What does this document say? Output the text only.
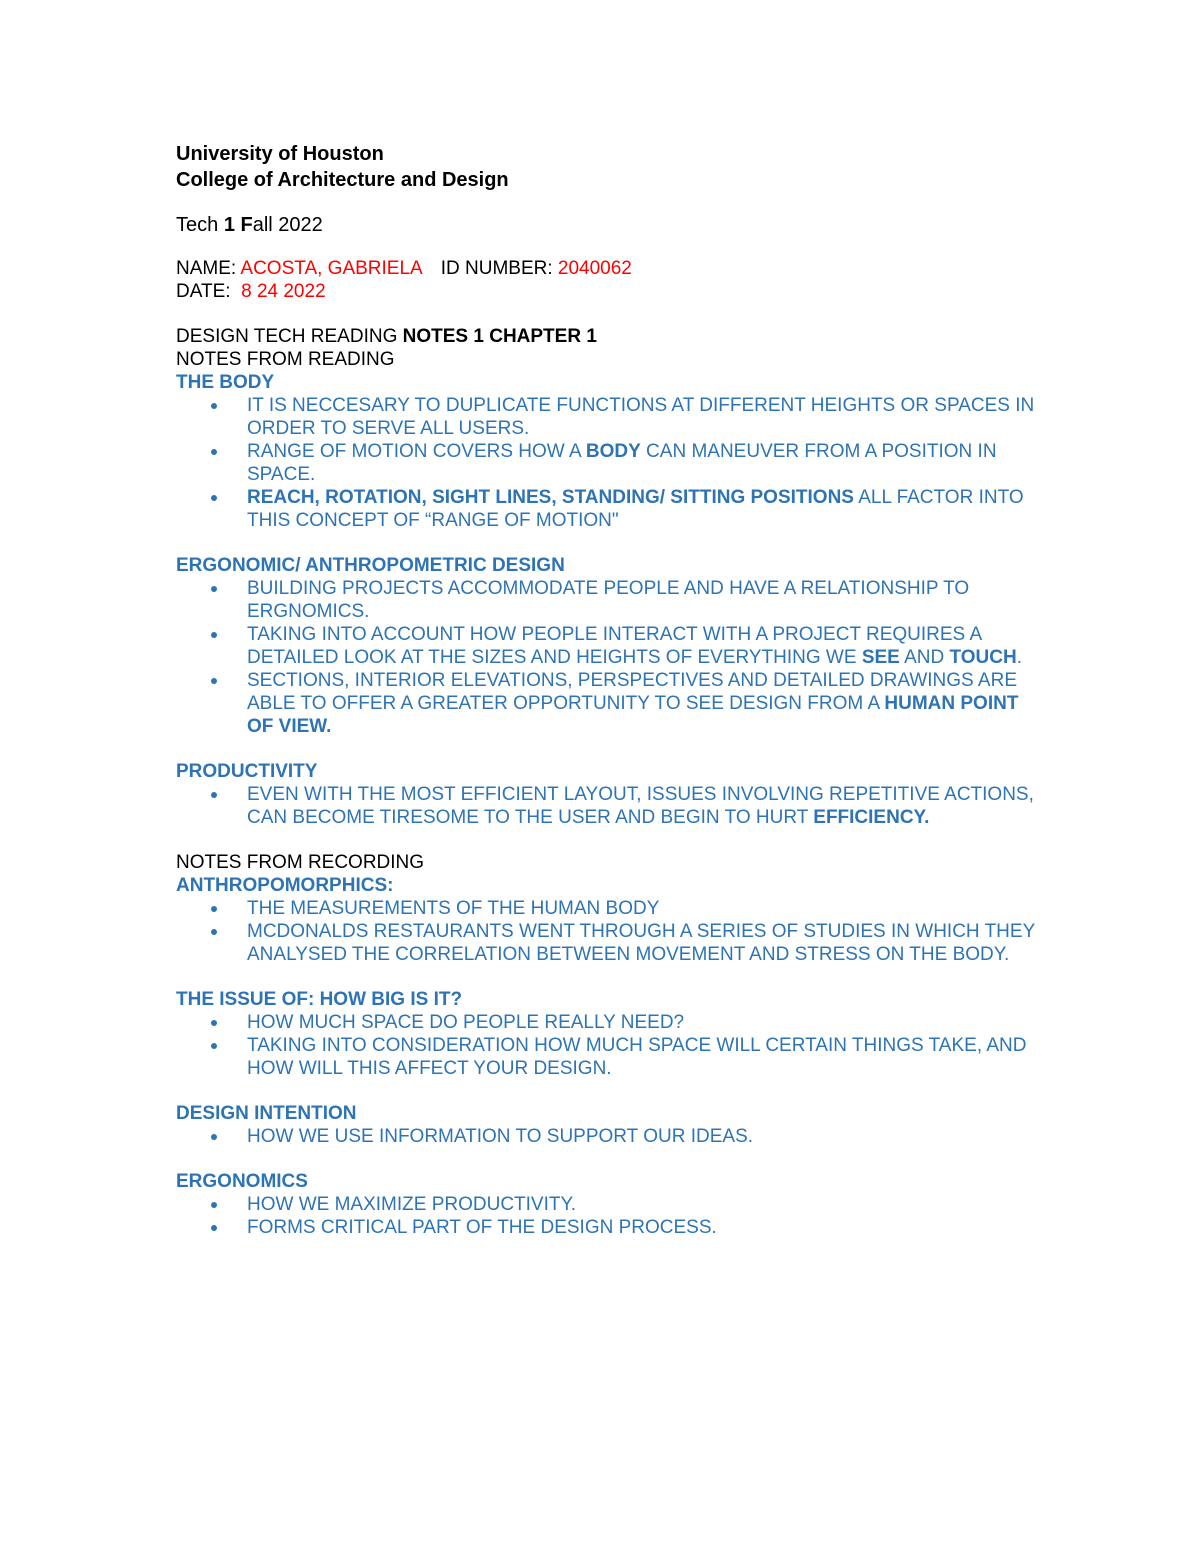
University of Houston
College of Architecture and Design
Tech 1 Fall 2022
NAME: ACOSTA, GABRIELA ID NUMBER: 2040062
DATE:  8 24 2022
DESIGN TECH READING NOTES 1 CHAPTER 1
NOTES FROM READING
THE BODY
IT IS NECCESARY TO DUPLICATE FUNCTIONS AT DIFFERENT HEIGHTS OR SPACES IN ORDER TO SERVE ALL USERS.
RANGE OF MOTION COVERS HOW A BODY CAN MANEUVER FROM A POSITION IN SPACE.
REACH, ROTATION, SIGHT LINES, STANDING/ SITTING POSITIONS ALL FACTOR INTO THIS CONCEPT OF “RANGE OF MOTION"
ERGONOMIC/ ANTHROPOMETRIC DESIGN
BUILDING PROJECTS ACCOMMODATE PEOPLE AND HAVE A RELATIONSHIP TO ERGNOMICS.
TAKING INTO ACCOUNT HOW PEOPLE INTERACT WITH A PROJECT REQUIRES A DETAILED LOOK AT THE SIZES AND HEIGHTS OF EVERYTHING WE SEE AND TOUCH.
SECTIONS, INTERIOR ELEVATIONS, PERSPECTIVES AND DETAILED DRAWINGS ARE ABLE TO OFFER A GREATER OPPORTUNITY TO SEE DESIGN FROM A HUMAN POINT OF VIEW.
PRODUCTIVITY
EVEN WITH THE MOST EFFICIENT LAYOUT, ISSUES INVOLVING REPETITIVE ACTIONS, CAN BECOME TIRESOME TO THE USER AND BEGIN TO HURT EFFICIENCY.
NOTES FROM RECORDING
ANTHROPOMORPHICS:
THE MEASUREMENTS OF THE HUMAN BODY
MCDONALDS RESTAURANTS WENT THROUGH A SERIES OF STUDIES IN WHICH THEY ANALYSED THE CORRELATION BETWEEN MOVEMENT AND STRESS ON THE BODY.
THE ISSUE OF: HOW BIG IS IT?
HOW MUCH SPACE DO PEOPLE REALLY NEED?
TAKING INTO CONSIDERATION HOW MUCH SPACE WILL CERTAIN THINGS TAKE, AND HOW WILL THIS AFFECT YOUR DESIGN.
DESIGN INTENTION
HOW WE USE INFORMATION TO SUPPORT OUR IDEAS.
ERGONOMICS
HOW WE MAXIMIZE PRODUCTIVITY.
FORMS CRITICAL PART OF THE DESIGN PROCESS.
